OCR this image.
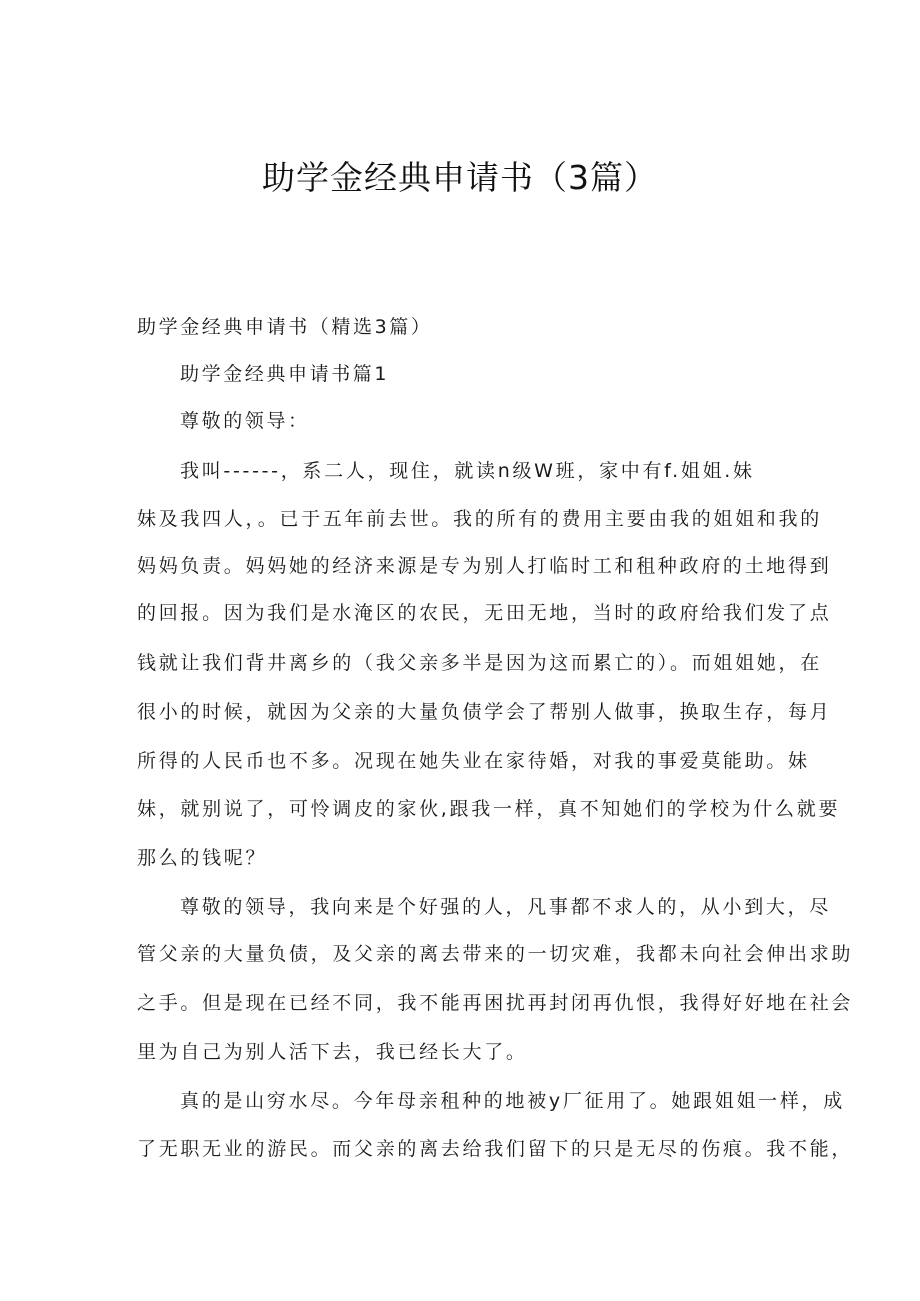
助学金经典申请书（3篇）

助学金经典申请书（精选3篇）

助学金经典申请书篇1

尊敬的领导：

我叫------，系二人，现住，就读n级W班，家中有f.姐姐.妹

妹及我四人，。已于五年前去世。我的所有的费用主要由我的姐姐和我的

妈妈负责。妈妈她的经济来源是专为别人打临时工和租种政府的土地得到

的回报。因为我们是水淹区的农民，无田无地，当时的政府给我们发了点

钱就让我们背井离乡的（我父亲多半是因为这而累亡的）。而姐姐她，在

很小的时候，就因为父亲的大量负债学会了帮别人做事，换取生存，每月

所得的人民币也不多。况现在她失业在家待婚，对我的事爱莫能助。妹

妹，就别说了，可怜调皮的家伙,跟我一样，真不知她们的学校为什么就要

那么的钱呢？

尊敬的领导，我向来是个好强的人，凡事都不求人的，从小到大，尽

管父亲的大量负债，及父亲的离去带来的一切灾难，我都未向社会伸出求助

之手。但是现在已经不同，我不能再困扰再封闭再仇恨，我得好好地在社会

里为自己为别人活下去，我已经长大了。

真的是山穷水尽。今年母亲租种的地被y厂征用了。她跟姐姐一样，成

了无职无业的游民。而父亲的离去给我们留下的只是无尽的伤痕。我不能，
